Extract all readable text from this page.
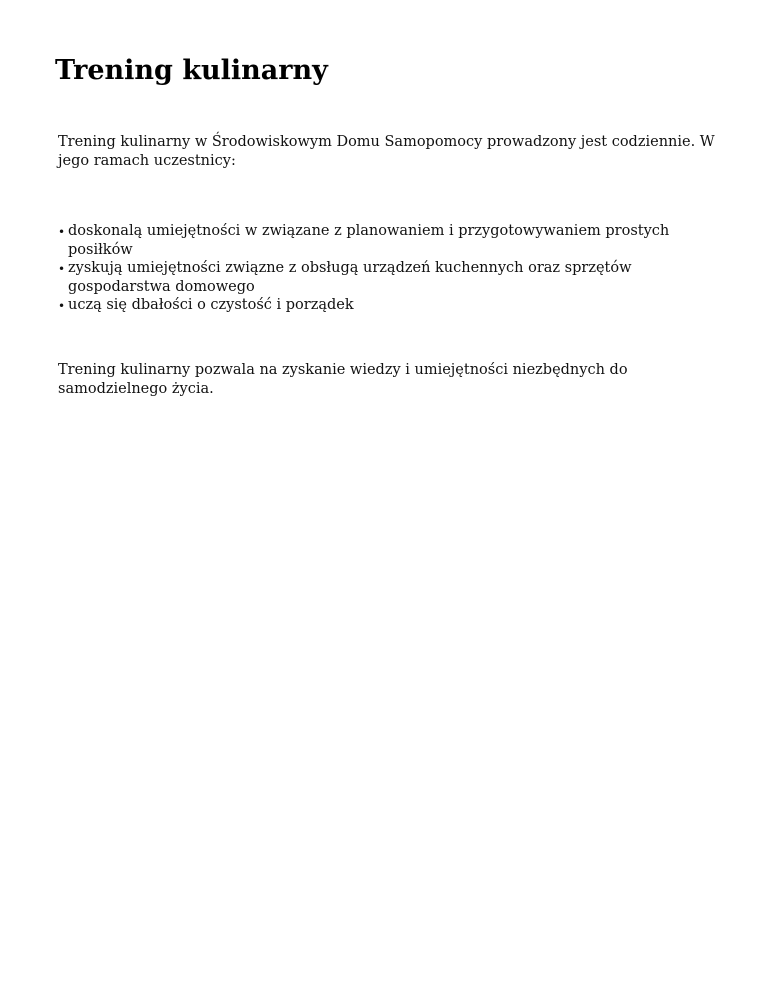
Trening kulinarny

Trening kulinarny w Środowiskowym Domu Samopomocy prowadzony jest codziennie. W jego ramach uczestnicy:

• doskonalą umiejętności w związane z planowaniem i przygotowywaniem prostych posiłków
• zyskują umiejętności związne z obsługą urządzeń kuchennych oraz sprzętów gospodarstwa domowego
• uczą się dbałości o czystość i porządek

Trening kulinarny pozwala na zyskanie wiedzy i umiejętności niezbędnych do samodzielnego życia.
